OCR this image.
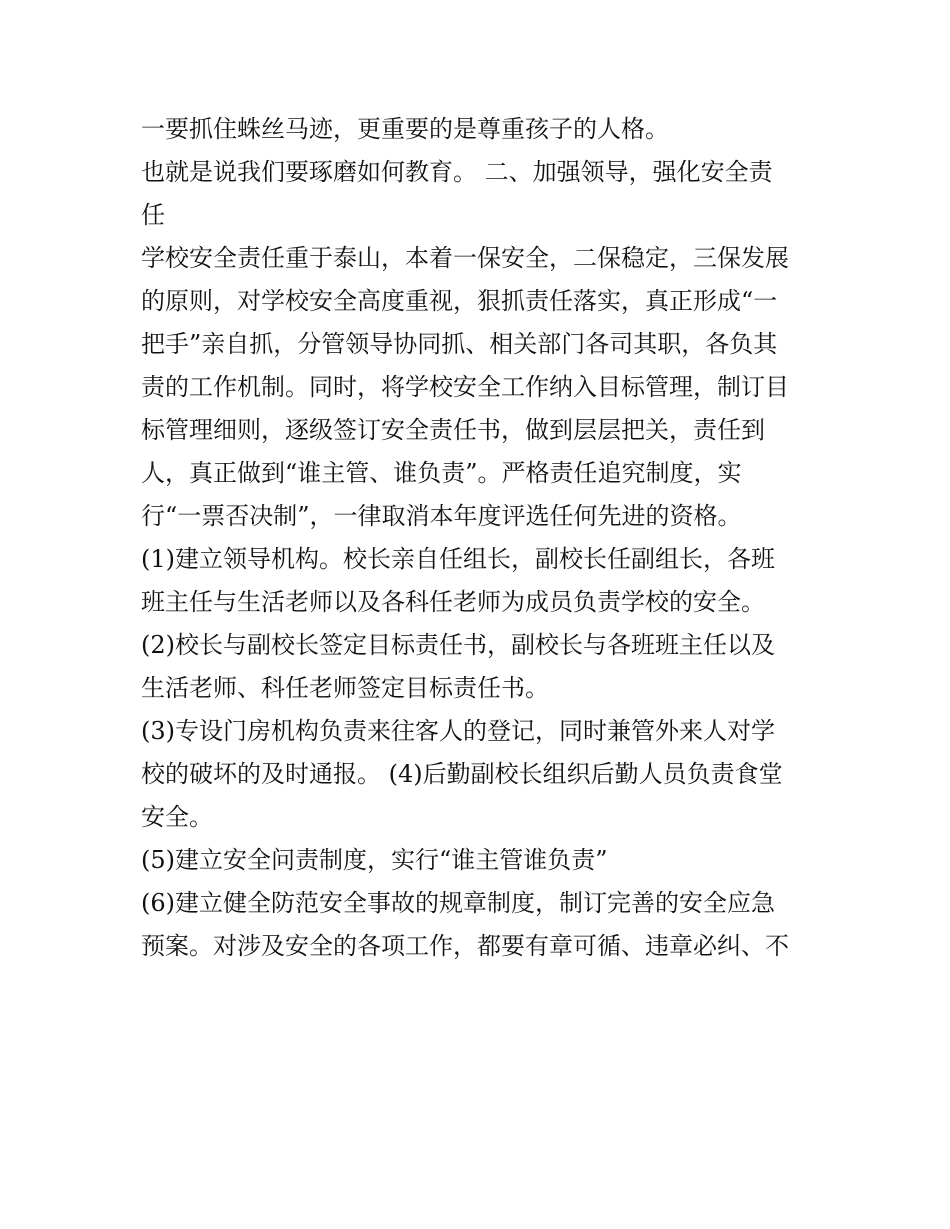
一要抓住蛛丝马迹，更重要的是尊重孩子的人格。
也就是说我们要琢磨如何教育。 二、加强领导，强化安全责
任
学校安全责任重于泰山，本着一保安全，二保稳定，三保发展
的原则，对学校安全高度重视，狠抓责任落实，真正形成“一
把手”亲自抓，分管领导协同抓、相关部门各司其职，各负其
责的工作机制。同时，将学校安全工作纳入目标管理，制订目
标管理细则，逐级签订安全责任书，做到层层把关，责任到
人，真正做到“谁主管、谁负责”。严格责任追究制度，实
行“一票否决制”，一律取消本年度评选任何先进的资格。
(1)建立领导机构。校长亲自任组长，副校长任副组长，各班
班主任与生活老师以及各科任老师为成员负责学校的安全。
(2)校长与副校长签定目标责任书，副校长与各班班主任以及
生活老师、科任老师签定目标责任书。
(3)专设门房机构负责来往客人的登记，同时兼管外来人对学
校的破坏的及时通报。 (4)后勤副校长组织后勤人员负责食堂
安全。
(5)建立安全问责制度，实行“谁主管谁负责”
(6)建立健全防范安全事故的规章制度，制订完善的安全应急
预案。对涉及安全的各项工作，都要有章可循、违章必纠、不
